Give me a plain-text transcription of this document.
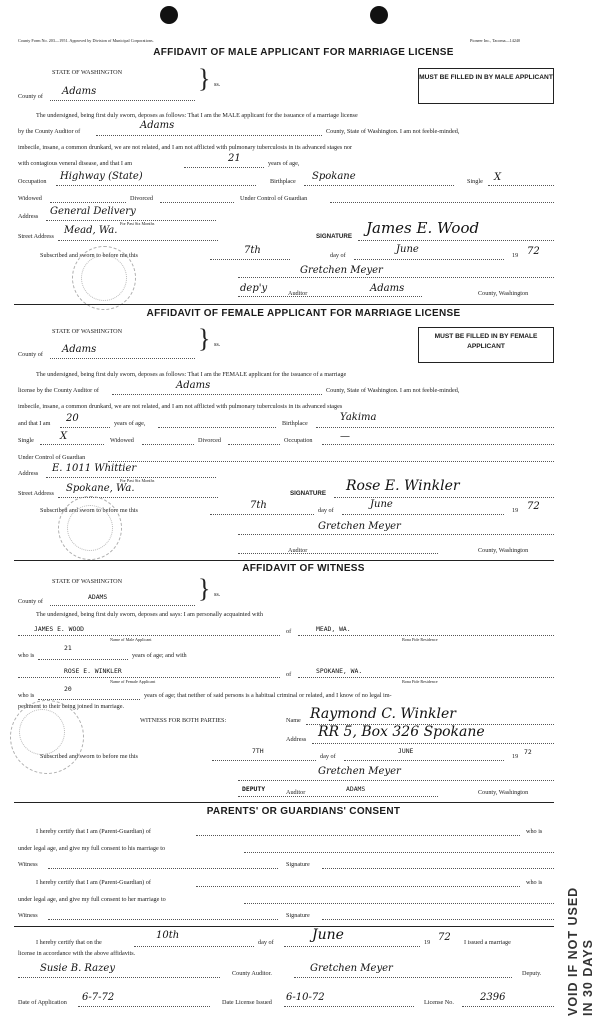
County Form No. 203—1951. Approved by Division of Municipal Corporations.	Pioneer Inc., Tacoma—14240
AFFIDAVIT OF MALE APPLICANT FOR MARRIAGE LICENSE
STATE OF WASHINGTON	} ss.
County of Adams
MUST BE FILLED IN BY MALE APPLICANT
The undersigned, being first duly sworn, deposes as follows: That I am the MALE applicant for the issuance of a marriage license
by the County Auditor of
Adams
County, State of Washington. I am not feeble-minded,
imbecile, insane, a common drunkard, we are not related, and I am not afflicted with pulmonary tuberculosis in its advanced stages nor
with contagious veneral disease, and that I am	21	years of age,
Occupation Highway (State)	Birthplace Spokane	Single X
Widowed	Divorced	Under Control of Guardian
Address General Delivery
For Past Six Months
Street Address
Mead, Wa.
SIGNATURE James E. Wood
Subscribed and sworn to before me this	7th	day of
June
19 72
Gretchen Meyer
dep'y	Auditor	Adams	County, Washington
AFFIDAVIT OF FEMALE APPLICANT FOR MARRIAGE LICENSE
STATE OF WASHINGTON	} ss.
County of Adams
MUST BE FILLED IN BY FEMALE APPLICANT
The undersigned, being first duly sworn, deposes as follows: That I am the FEMALE applicant for the issuance of a marriage
license by the County Auditor of	Adams	County, State of Washington. I am not feeble-minded,
imbecile, insane, a common drunkard, we are not related, and I am not afflicted with pulmonary tuberculosis in its advanced stages
and that I am 20	years of age,	Birthplace
Yakima
Single	X	Widowed	Divorced	Occupation	—
Under Control of Guardian
Address E. 1011 Whittier
For Past Six Months
Street Address Spokane, Wa.	SIGNATURE Rose E. Winkler
Subscribed and sworn to before me this	7th	day of
June
19 72
Gretchen Meyer
Auditor	County, Washington
AFFIDAVIT OF WITNESS
STATE OF WASHINGTON	} ss.
County of
ADAMS
The undersigned, being first duly sworn, deposes and says: I am personally acquainted with
JAMES E. WOOD
Name of Male Applicant
of	MEAD, WA.
Bona Fide Residence
who is
21
years of age; and with
ROSE E. WINKLER
Name of Female Applicant
of	SPOKANE, WA.
Bona Fide Residence
who is
20
years of age; that neither of said persons is a habitual criminal or related, and I know of no legal im-
pediment to their being joined in marriage.
WITNESS FOR BOTH PARTIES:	Name Raymond C. Winkler
Address RR 5, Box 326 Spokane
Subscribed and sworn to before me this
7TH
day of
JUNE
19
72
Gretchen Meyer
DEPUTY	Auditor	ADAMS	County, Washington
PARENTS' OR GUARDIANS' CONSENT
I hereby certify that I am (Parent-Guardian) of	who is
under legal age, and give my full consent to his marriage to
Witness	Signature
I hereby certify that I am (Parent-Guardian) of	who is
under legal age, and give my full consent to her marriage to
Witness	Signature
I hereby certify that on the
10th
day of	June	19 72 I issued a marriage
license in accordance with the above affidavits.
Susie B. Razey	County Auditor.	Gretchen Meyer	Deputy.
Date of Application 6-7-72	Date License Issued 6-10-72	License No.	2396	VOID IF NOT USED
IN 30 DAYS
